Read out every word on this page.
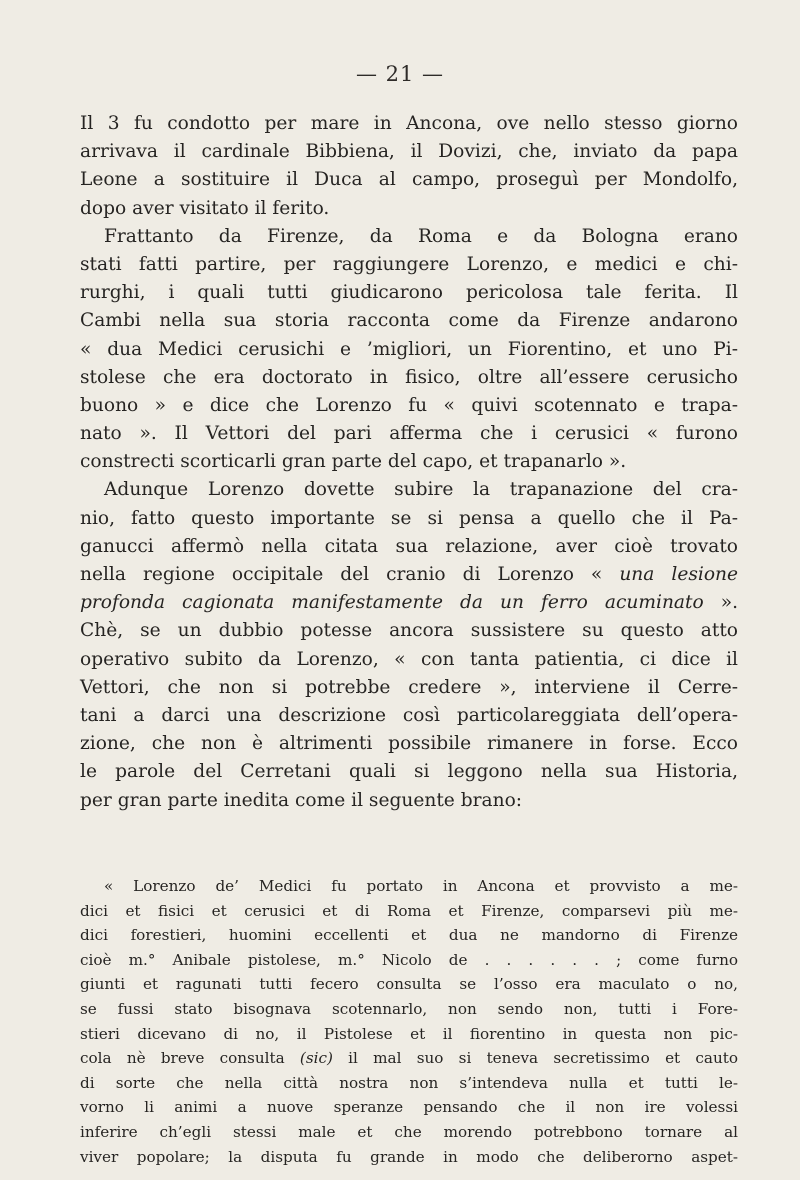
— 21 —
Il 3 fu condotto per mare in Ancona, ove nello stesso giorno
arrivava il cardinale Bibbiena, il Dovizi, che, inviato da papa
Leone a sostituire il Duca al campo, proseguì per Mondolfo,
dopo aver visitato il ferito.
Frattanto da Firenze, da Roma e da Bologna erano
stati fatti partire, per raggiungere Lorenzo, e medici e chi-
rurghi, i quali tutti giudicarono pericolosa tale ferita. Il
Cambi nella sua storia racconta come da Firenze andarono
« dua Medici cerusichi e ’migliori, un Fiorentino, et uno Pi-
stolese che era doctorato in fisico, oltre all’essere cerusicho
buono » e dice che Lorenzo fu « quivi scotennato e trapa-
nato ». Il Vettori del pari afferma che i cerusici « furono
constrecti scorticarli gran parte del capo, et trapanarlo ».
Adunque Lorenzo dovette subire la trapanazione del cra-
nio, fatto questo importante se si pensa a quello che il Pa-
ganucci affermò nella citata sua relazione, aver cioè trovato
nella regione occipitale del cranio di Lorenzo « una lesione
profonda cagionata manifestamente da un ferro acuminato ».
Chè, se un dubbio potesse ancora sussistere su questo atto
operativo subito da Lorenzo, « con tanta patientia, ci dice il
Vettori, che non si potrebbe credere », interviene il Cerre-
tani a darci una descrizione così particolareggiata dell’opera-
zione, che non è altrimenti possibile rimanere in forse. Ecco
le parole del Cerretani quali si leggono nella sua Historia,
per gran parte inedita come il seguente brano:
« Lorenzo de’ Medici fu portato in Ancona et provvisto a me-
dici et fisici et cerusici et di Roma et Firenze, comparsevi più me-
dici forestieri, huomini eccellenti et dua ne mandorno di Firenze
cioè m.° Anibale pistolese, m.° Nicolo de . . . . . . ; come furno
giunti et ragunati tutti fecero consulta se l’osso era maculato o no,
se fussi stato bisognava scotennarlo, non sendo non, tutti i Fore-
stieri dicevano di no, il Pistolese et il fiorentino in questa non pic-
cola nè breve consulta (sic) il mal suo si teneva secretissimo et cauto
di sorte che nella città nostra non s’intendeva nulla et tutti le-
vorno li animi a nuove speranze pensando che il non ire volessi
inferire ch’egli stessi male et che morendo potrebbono tornare al
viver popolare; la disputa fu grande in modo che deliberorno aspet-
